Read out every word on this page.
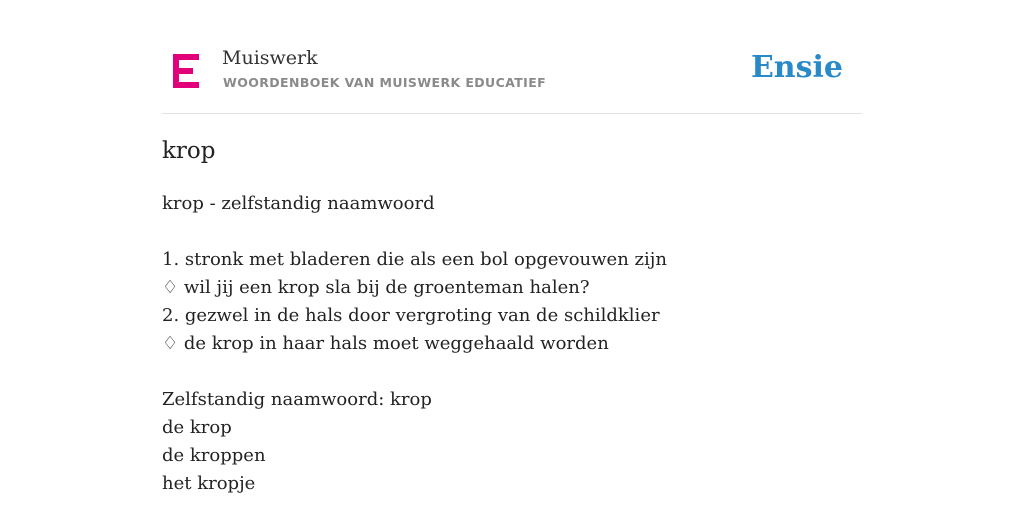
Muiswerk
WOORDENBOEK VAN MUISWERK EDUCATIEF	Ensie
krop
krop - zelfstandig naamwoord
1. stronk met bladeren die als een bol opgevouwen zijn
♢ wil jij een krop sla bij de groenteman halen?
2. gezwel in de hals door vergroting van de schildklier
♢ de krop in haar hals moet weggehaald worden
Zelfstandig naamwoord: krop
de krop
de kroppen
het kropje
